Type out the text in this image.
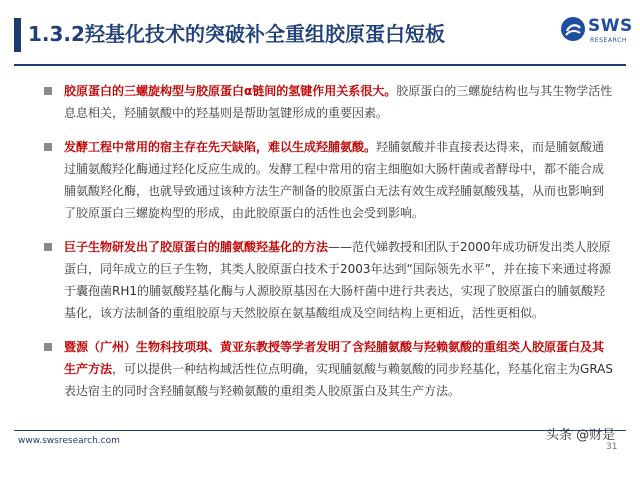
1.3.2羟基化技术的突破补全重组胶原蛋白短板	SWS
RESEARCH
胶原蛋白的三螺旋构型与胶原蛋白α链间的氢键作用关系很大。胶原蛋白的三螺旋结构也与其生物学活性息息相关，羟脯氨酸中的羟基则是帮助氢键形成的重要因素。
发酵工程中常用的宿主存在先天缺陷，难以生成羟脯氨酸。羟脯氨酸并非直接表达得来，而是脯氨酸通过脯氨酸羟化酶通过羟化反应生成的。发酵工程中常用的宿主细胞如大肠杆菌或者酵母中，都不能合成脯氨酸羟化酶，也就导致通过该种方法生产制备的胶原蛋白无法有效生成羟脯氨酸残基，从而也影响到了胶原蛋白三螺旋构型的形成，由此胶原蛋白的活性也会受到影响。
巨子生物研发出了胶原蛋白的脯氨酸羟基化的方法——范代娣教授和团队于2000年成功研发出类人胶原蛋白，同年成立的巨子生物，其类人胶原蛋白技术于2003年达到“国际领先水平”，并在接下来通过将源于囊孢菌RH1的脯氨酸羟基化酶与人源胶原基因在大肠杆菌中进行共表达，实现了胶原蛋白的脯氨酸羟基化，该方法制备的重组胶原与天然胶原在氨基酸组成及空间结构上更相近，活性更相似。
暨源（广州）生物科技项琪、黄亚东教授等学者发明了含羟脯氨酸与羟赖氨酸的重组类人胶原蛋白及其生产方法，可以提供一种结构域活性位点明确，实现脯氨酸与赖氨酸的同步羟基化，羟基化宿主为GRAS表达宿主的同时含羟脯氨酸与羟赖氨酸的重组类人胶原蛋白及其生产方法。
www.swsresearch.com
31
头条 @财是
